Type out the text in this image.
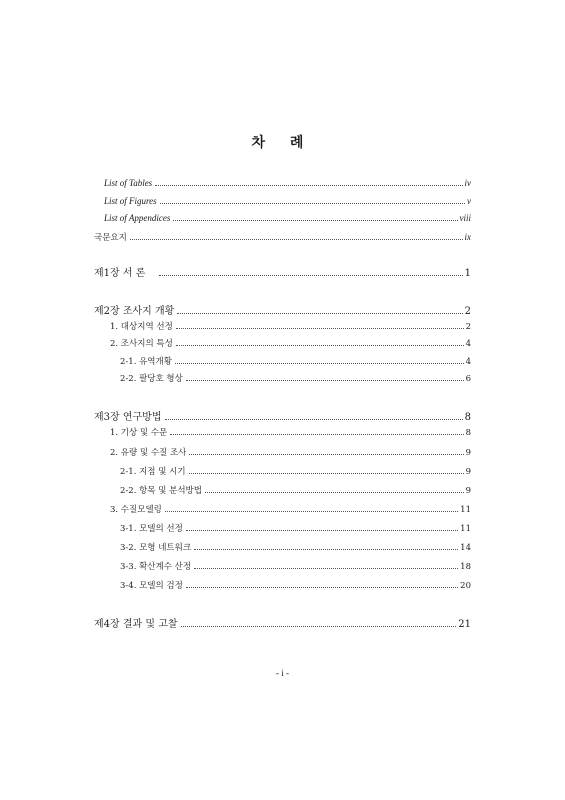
차 례
List of Tables	iv
List of Figures	v
List of Appendices	viii
국문요지	ix
제1장 서 론	1
제2장 조사지 개황	2
1. 대상지역 선정	2
2. 조사지의 특성	4
2-1. 유역개황	4
2-2. 팔당호 형상	6
제3장 연구방법	8
1. 기상 및 수문	8
2. 유량 및 수질 조사	9
2-1. 지점 및 시기	9
2-2. 항목 및 분석방법	9
3. 수질모델링	11
3-1. 모델의 선정	11
3-2. 모형 네트워크	14
3-3. 확산계수 산정	18
3-4. 모델의 검정	20
제4장 결과 및 고찰	21
- i -
